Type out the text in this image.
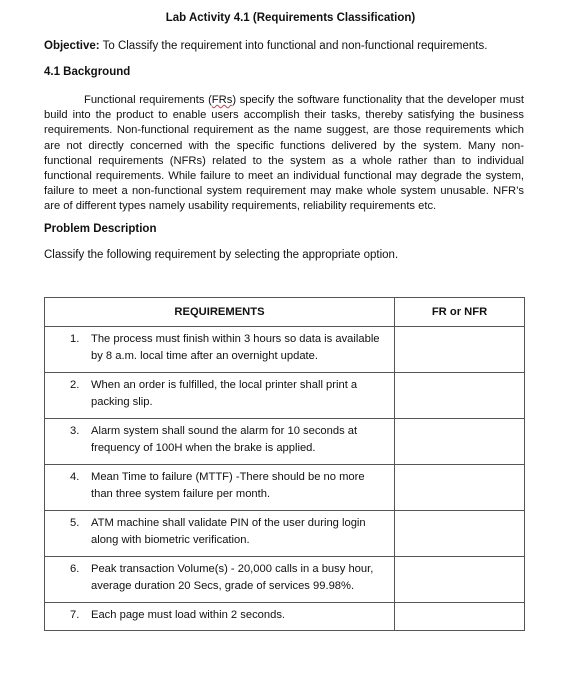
Lab Activity 4.1 (Requirements Classification)
Objective: To Classify the requirement into functional and non-functional requirements.
4.1 Background
Functional requirements (FRs) specify the software functionality that the developer must build into the product to enable users accomplish their tasks, thereby satisfying the business requirements. Non-functional requirement as the name suggest, are those requirements which are not directly concerned with the specific functions delivered by the system. Many non-functional requirements (NFRs) related to the system as a whole rather than to individual functional requirements. While failure to meet an individual functional may degrade the system, failure to meet a non-functional system requirement may make whole system unusable. NFR’s are of different types namely usability requirements, reliability requirements etc.
Problem Description
Classify the following requirement by selecting the appropriate option.
REQUIREMENTS	FR or NFR

1. The process must finish within 3 hours so data is available by 8 a.m. local time after an overnight update.	

2. When an order is fulfilled, the local printer shall print a packing slip.	

3. Alarm system shall sound the alarm for 10 seconds at frequency of 100H when the brake is applied.	

4. Mean Time to failure (MTTF) -There should be no more than three system failure per month.	

5. ATM machine shall validate PIN of the user during login along with biometric verification.	

6. Peak transaction Volume(s) - 20,000 calls in a busy hour, average duration 20 Secs, grade of services 99.98%.	

7. Each page must load within 2 seconds.	
